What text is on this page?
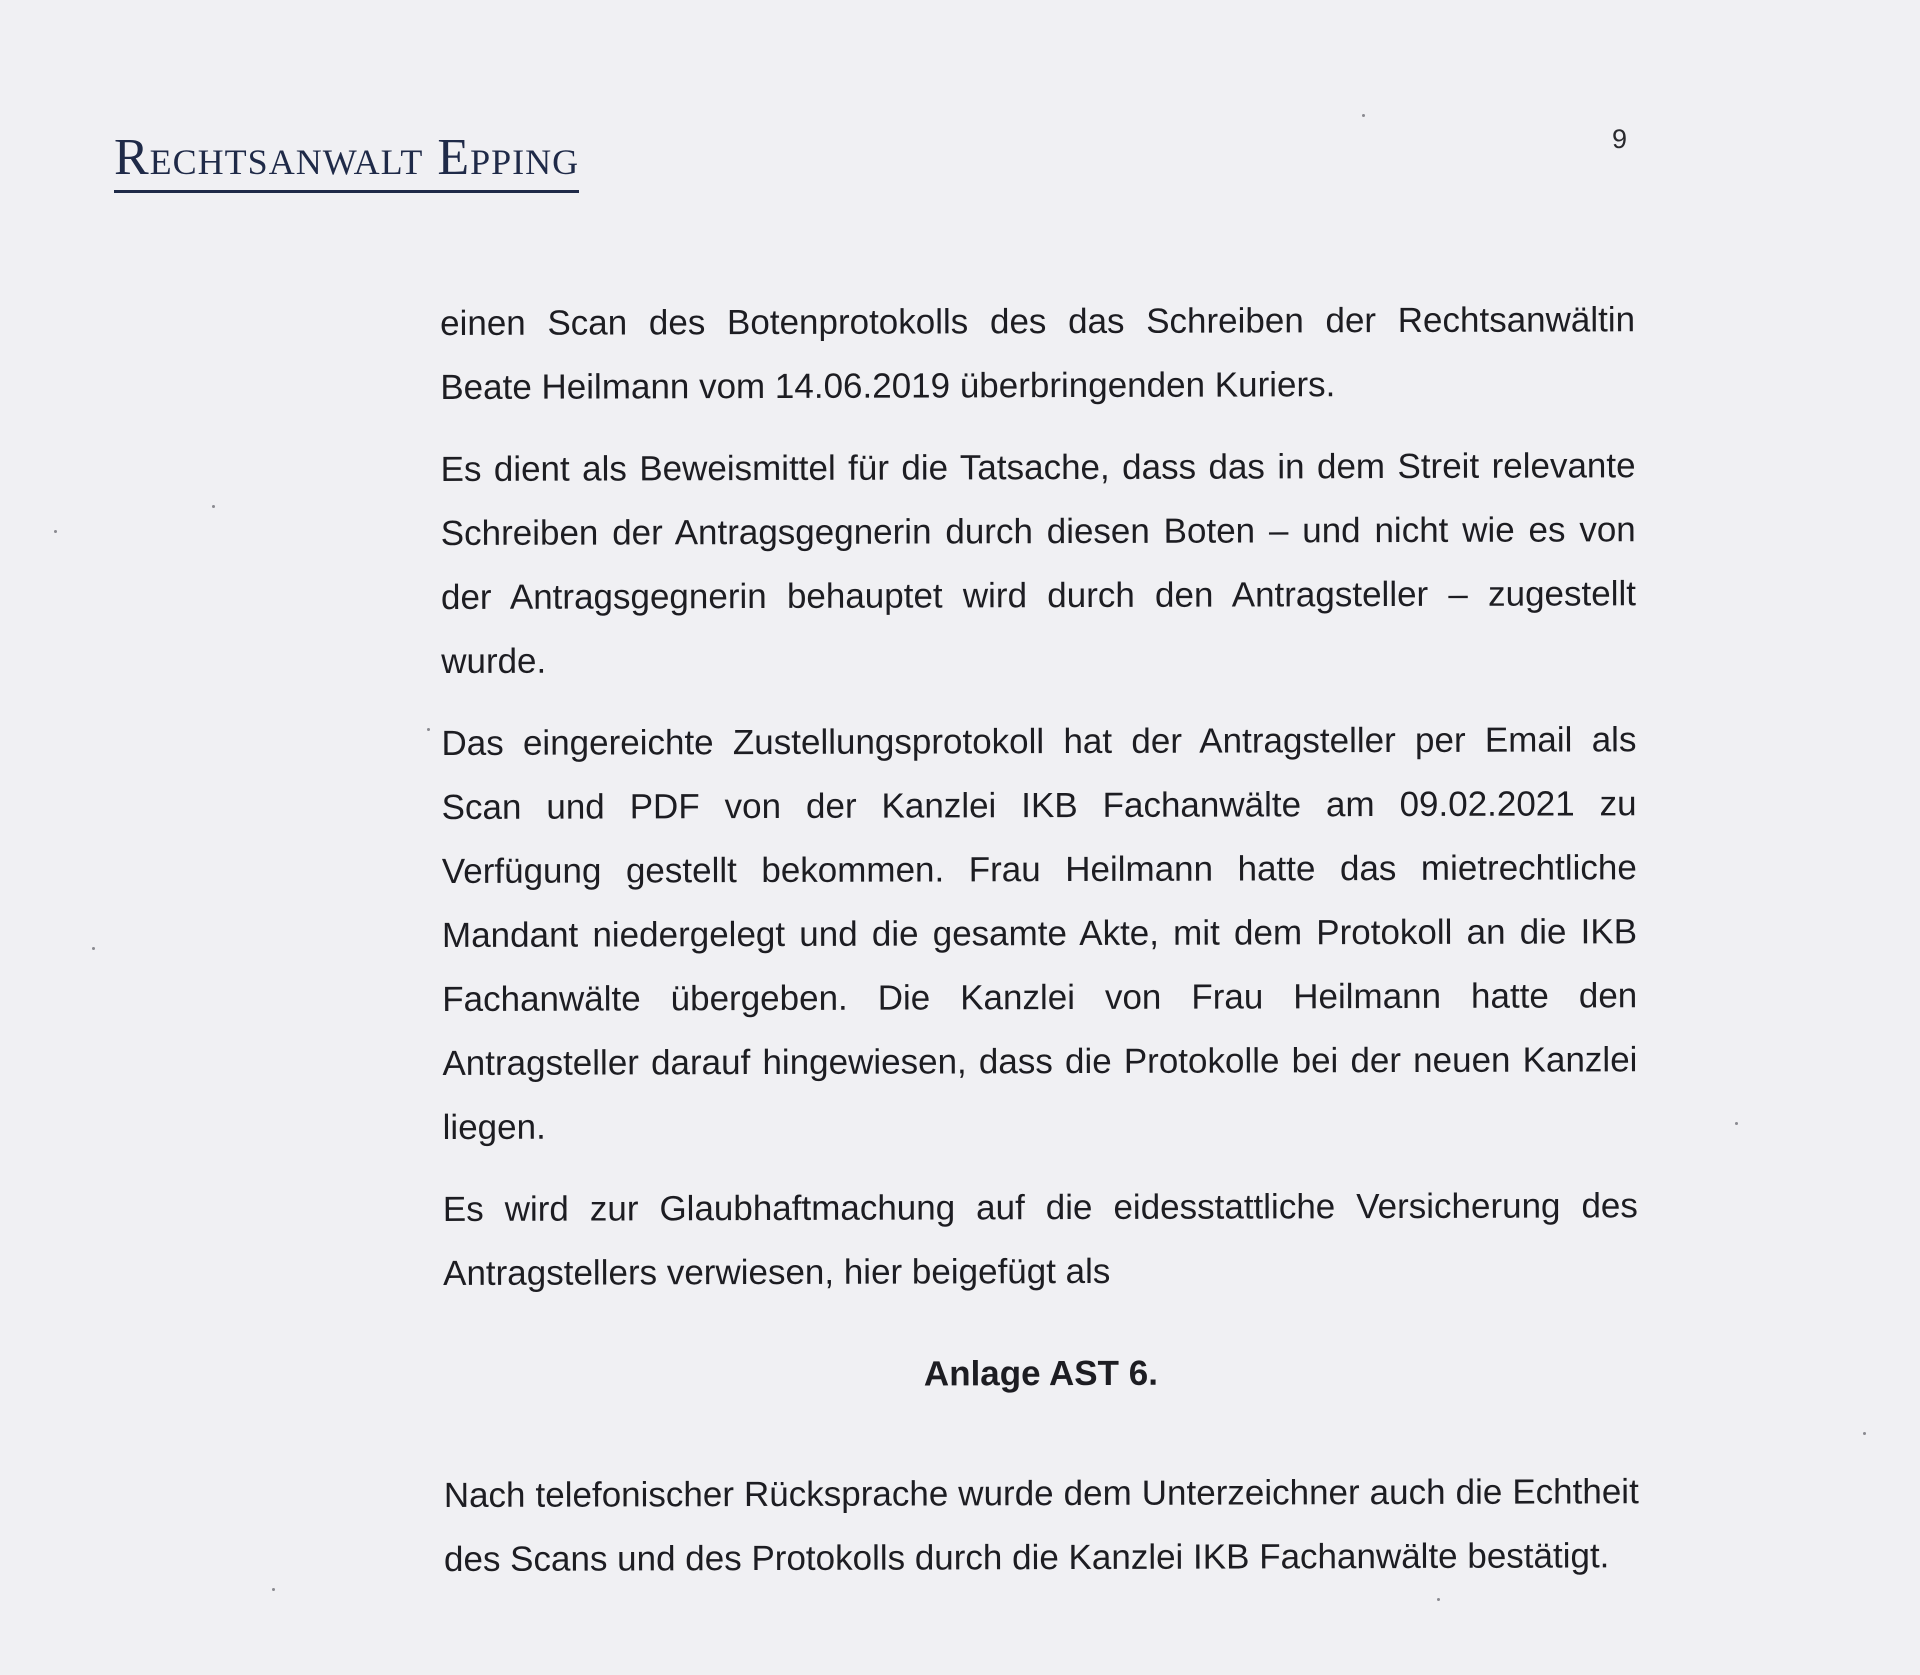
Rechtsanwalt Epping	9

einen Scan des Botenprotokolls des das Schreiben der Rechtsanwältin Beate Heilmann vom 14.06.2019 überbringenden Kuriers.

Es dient als Beweismittel für die Tatsache, dass das in dem Streit relevante Schreiben der Antragsgegnerin durch diesen Boten – und nicht wie es von der Antragsgegnerin behauptet wird durch den Antragsteller – zugestellt wurde.

Das eingereichte Zustellungsprotokoll hat der Antragsteller per Email als Scan und PDF von der Kanzlei IKB Fachanwälte am 09.02.2021 zu Verfügung gestellt bekommen. Frau Heilmann hatte das mietrechtliche Mandant niedergelegt und die gesamte Akte, mit dem Protokoll an die IKB Fachanwälte übergeben. Die Kanzlei von Frau Heilmann hatte den Antragsteller darauf hingewiesen, dass die Protokolle bei der neuen Kanzlei liegen.

Es wird zur Glaubhaftmachung auf die eidesstattliche Versicherung des Antragstellers verwiesen, hier beigefügt als

Anlage AST 6.

Nach telefonischer Rücksprache wurde dem Unterzeichner auch die Echtheit des Scans und des Protokolls durch die Kanzlei IKB Fachanwälte bestätigt.
